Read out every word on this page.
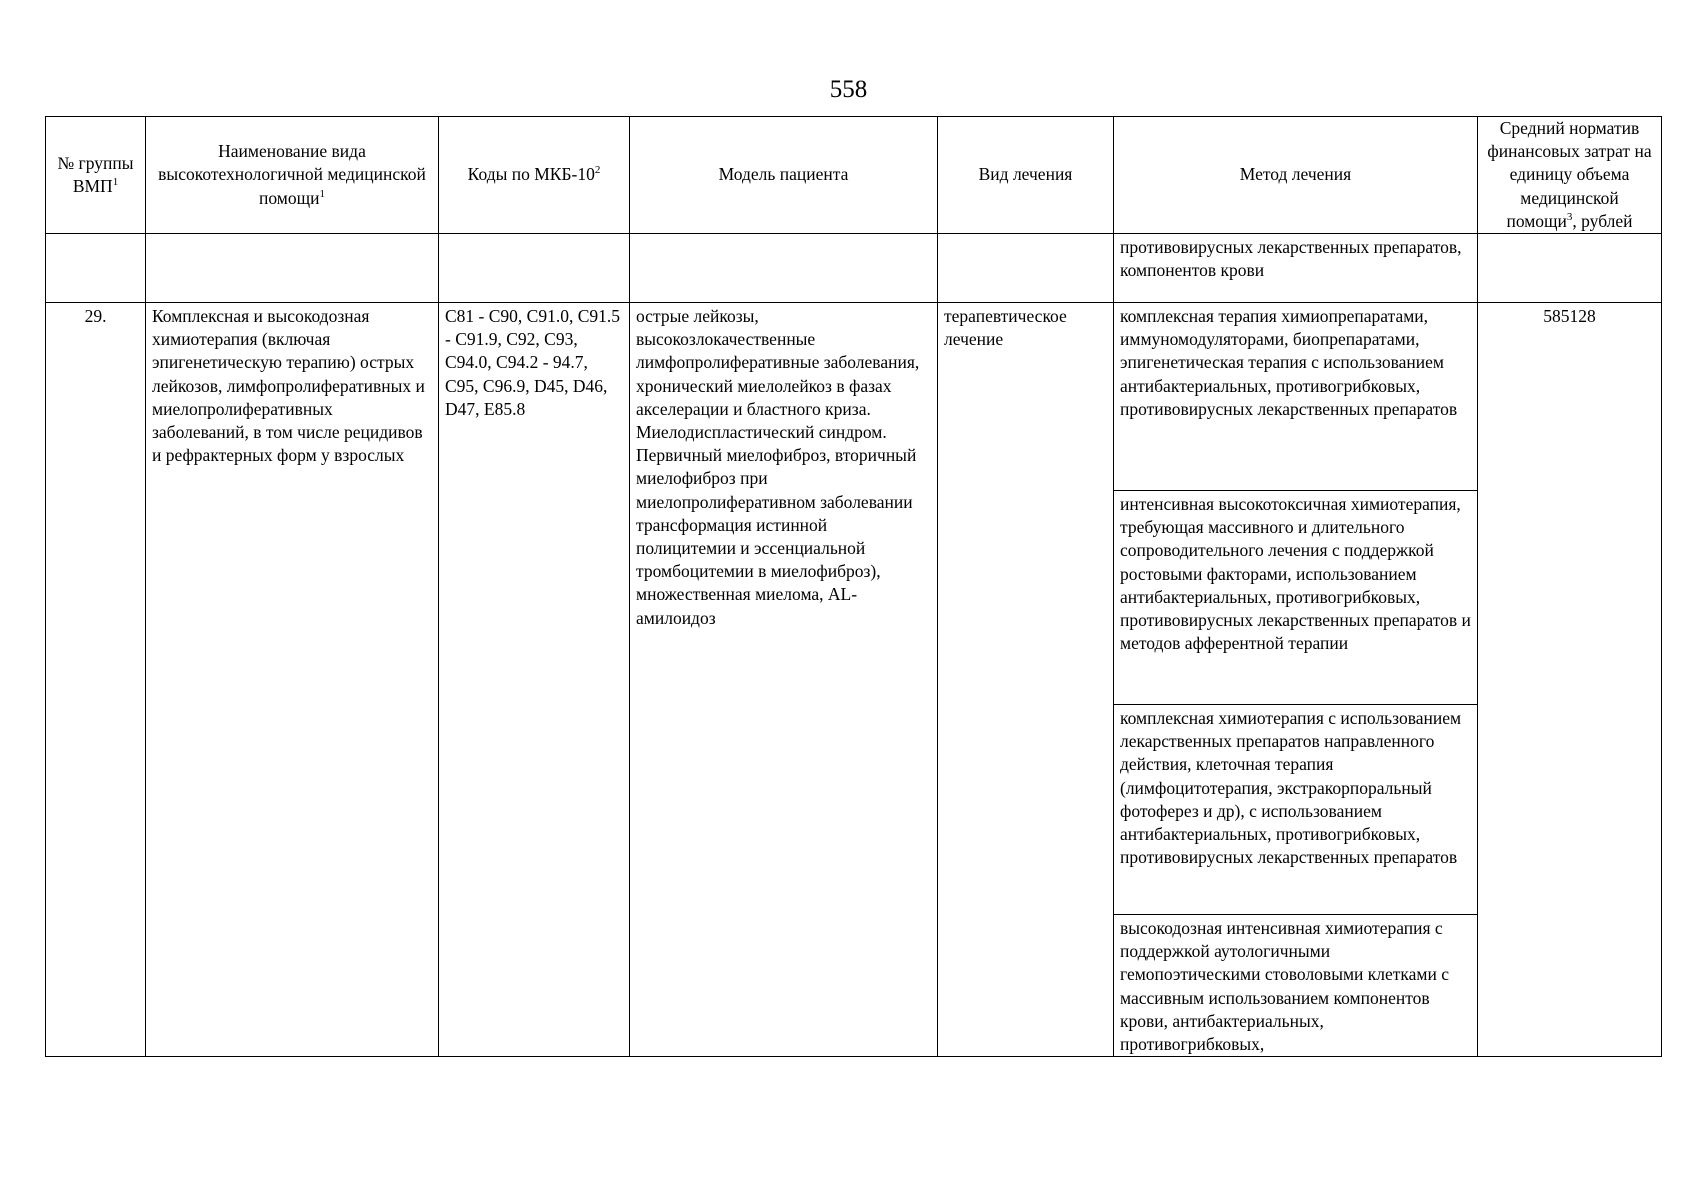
558
№ группы ВМП$^1$	Наименование вида высокотехнологичной медицинской помощи$^1$	Коды по МКБ-$10^2$	Модель пациента	Вид лечения	Метод лечения	Средний норматив финансовых затрат на единицу объема медицинской помощи$^3$, рублей
					противовирусных лекарственных препаратов, компонентов крови	
29.	Комплексная и высокодозная химиотерапия (включая эпигенетическую терапию) острых лейкозов, лимфопролиферативных и миелопролиферативных заболеваний, в том числе рецидивов и рефрактерных форм у взрослых	C81 - C90, C91.0, C91.5 - C91.9, C92, C93, C94.0, C94.2 - 94.7, C95, C96.9, D45, D46, D47, E85.8	острые лейкозы, высокозлокачественные лимфопролиферативные заболевания, хронический миелолейкоз в фазах акселерации и бластного криза. Миелодиспластический синдром. Первичный миелофиброз, вторичный миелофиброз при миелопролиферативном заболевании трансформация истинной полицитемии и эссенциальной тромбоцитемии в миелофиброз), множественная миелома, AL-амилоидоз	терапевтическое лечение	комплексная терапия химиопрепаратами, иммуномодуляторами, биопрепаратами, эпигенетическая терапия с использованием антибактериальных, противогрибковых, противовирусных лекарственных препаратов	585128
					интенсивная высокотоксичная химиотерапия, требующая массивного и длительного сопроводительного лечения с поддержкой ростовыми факторами, использованием антибактериальных, противогрибковых, противовирусных лекарственных препаратов и методов афферентной терапии	
					комплексная химиотерапия с использованием лекарственных препаратов направленного действия, клеточная терапия (лимфоцитотерапия, экстракорпоральный фотоферез и др), с использованием антибактериальных, противогрибковых, противовирусных лекарственных препаратов	
					высокодозная интенсивная химиотерапия с поддержкой аутологичными гемопоэтическими стоволовыми клетками с массивным использованием компонентов крови, антибактериальных, противогрибковых,	
